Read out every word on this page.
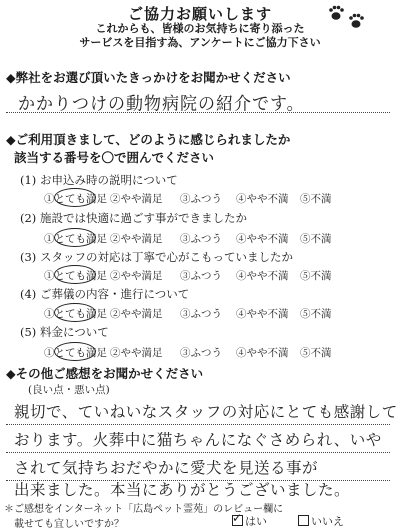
ご協力お願いします
これからも、皆様のお気持ちに寄り添った
サービスを目指す為、アンケートにご協力下さい
◆弊社をお選び頂いたきっかけをお聞かせください
かかりつけの動物病院の紹介です。
◆ご利用頂きまして、どのように感じられましたか
該当する番号を〇で囲んでください
(1) お申込み時の説明について
①とても満足 ②やや満足	③ふつう	④やや不満	⑤不満
(2) 施設では快適に過ごす事ができましたか
①とても満足 ②やや満足	③ふつう	④やや不満	⑤不満
(3) スタッフの対応は丁寧で心がこもっていましたか
①とても満足 ②やや満足	③ふつう	④やや不満	⑤不満
(4) ご葬儀の内容・進行について
①とても満足 ②やや満足	③ふつう	④やや不満	⑤不満
(5) 料金について
①とても満足 ②やや満足	③ふつう	④やや不満	⑤不満
◆その他ご感想をお聞かせください
(良い点・悪い点)
親切で、ていねいなスタッフの対応にとても感謝して
おります。火葬中に猫ちゃんになぐさめられ、いや
されて気持ちおだやかに愛犬を見送る事が
出来ました。本当にありがとうございました。
＊ご感想をインターネット「広島ペット霊苑」のレビュー欄に
載せても宜しいですか？
✓	はい	いいえ
